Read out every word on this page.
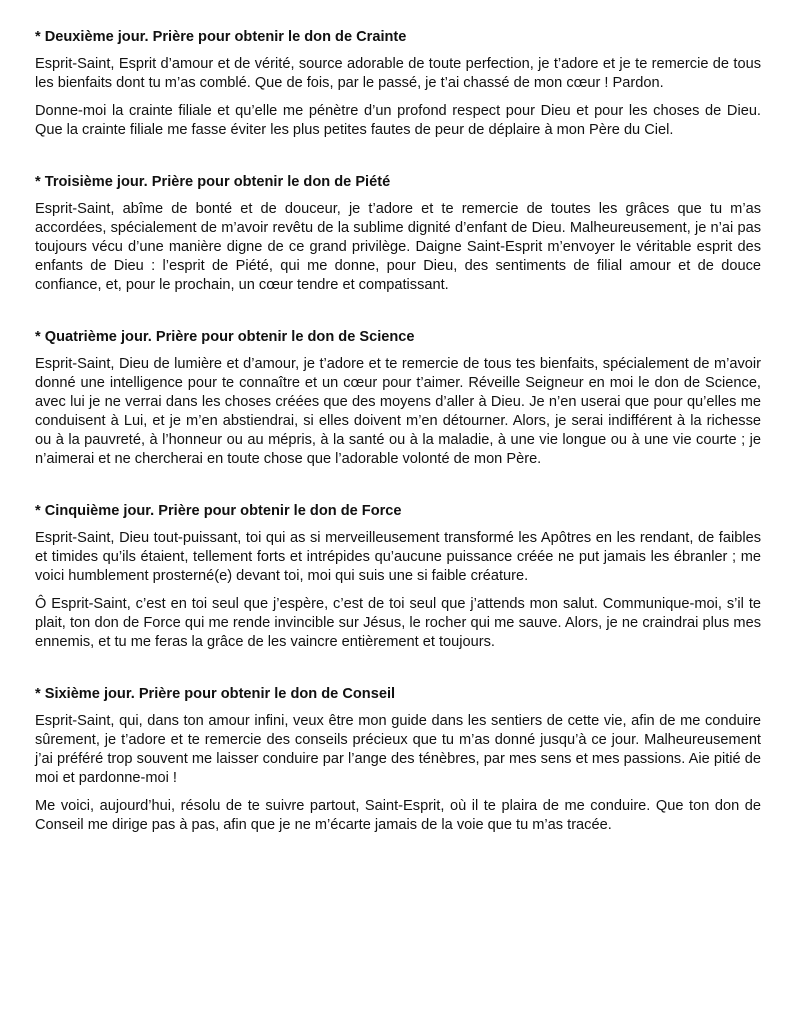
* Deuxième jour. Prière pour obtenir le don de Crainte

Esprit-Saint, Esprit d’amour et de vérité, source adorable de toute perfection, je t’adore et je te remercie de tous les bienfaits dont tu m’as comblé. Que de fois, par le passé, je t’ai chassé de mon cœur ! Pardon.

Donne-moi la crainte filiale et qu’elle me pénètre d’un profond respect pour Dieu et pour les choses de Dieu. Que la crainte filiale me fasse éviter les plus petites fautes de peur de déplaire à mon Père du Ciel.

* Troisième jour. Prière pour obtenir le don de Piété

Esprit-Saint, abîme de bonté et de douceur, je t’adore et te remercie de toutes les grâces que tu m’as accordées, spécialement de m’avoir revêtu de la sublime dignité d’enfant de Dieu. Malheureusement, je n’ai pas toujours vécu d’une manière digne de ce grand privilège. Daigne Saint-Esprit m’envoyer le véritable esprit des enfants de Dieu : l’esprit de Piété, qui me donne, pour Dieu, des sentiments de filial amour et de douce confiance, et, pour le prochain, un cœur tendre et compatissant.

* Quatrième jour. Prière pour obtenir le don de Science

Esprit-Saint, Dieu de lumière et d’amour, je t’adore et te remercie de tous tes bienfaits, spécialement de m’avoir donné une intelligence pour te connaître et un cœur pour t’aimer. Réveille Seigneur en moi le don de Science, avec lui je ne verrai dans les choses créées que des moyens d’aller à Dieu. Je n’en userai que pour qu’elles me conduisent à Lui, et je m’en abstiendrai, si elles doivent m’en détourner. Alors, je serai indifférent à la richesse ou à la pauvreté, à l’honneur ou au mépris, à la santé ou à la maladie, à une vie longue ou à une vie courte ; je n’aimerai et ne chercherai en toute chose que l’adorable volonté de mon Père.

* Cinquième jour. Prière pour obtenir le don de Force

Esprit-Saint, Dieu tout-puissant, toi qui as si merveilleusement transformé les Apôtres en les rendant, de faibles et timides qu’ils étaient, tellement forts et intrépides qu’aucune puissance créée ne put jamais les ébranler ; me voici humblement prosterné(e) devant toi, moi qui suis une si faible créature.

Ô Esprit-Saint, c’est en toi seul que j’espère, c’est de toi seul que j’attends mon salut. Communique-moi, s’il te plait, ton don de Force qui me rende invincible sur Jésus, le rocher qui me sauve. Alors, je ne craindrai plus mes ennemis, et tu me feras la grâce de les vaincre entièrement et toujours.

* Sixième jour. Prière pour obtenir le don de Conseil

Esprit-Saint, qui, dans ton amour infini, veux être mon guide dans les sentiers de cette vie, afin de me conduire sûrement, je t’adore et te remercie des conseils précieux que tu m’as donné jusqu’à ce jour. Malheureusement j’ai préféré trop souvent me laisser conduire par l’ange des ténèbres, par mes sens et mes passions. Aie pitié de moi et pardonne-moi !

Me voici, aujourd’hui, résolu de te suivre partout, Saint-Esprit, où il te plaira de me conduire. Que ton don de Conseil me dirige pas à pas, afin que je ne m’écarte jamais de la voie que tu m’as tracée.
